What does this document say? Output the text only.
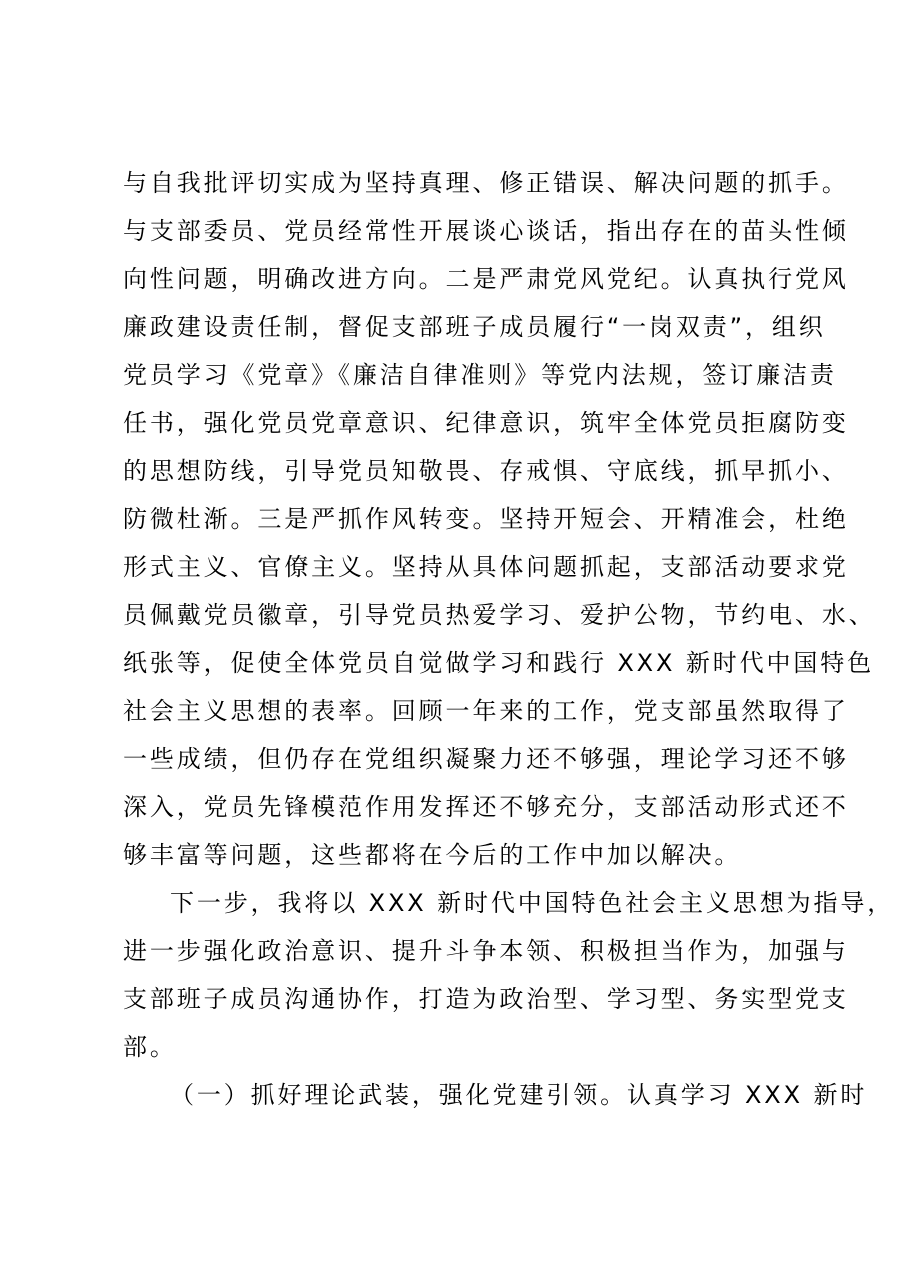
与自我批评切实成为坚持真理、修正错误、解决问题的抓手。
与支部委员、党员经常性开展谈心谈话，指出存在的苗头性倾
向性问题，明确改进方向。二是严肃党风党纪。认真执行党风
廉政建设责任制，督促支部班子成员履行“一岗双责”，组织
党员学习《党章》《廉洁自律准则》等党内法规，签订廉洁责
任书，强化党员党章意识、纪律意识，筑牢全体党员拒腐防变
的思想防线，引导党员知敬畏、存戒惧、守底线，抓早抓小、
防微杜渐。三是严抓作风转变。坚持开短会、开精准会，杜绝
形式主义、官僚主义。坚持从具体问题抓起，支部活动要求党
员佩戴党员徽章，引导党员热爱学习、爱护公物，节约电、水、
纸张等，促使全体党员自觉做学习和践行 XXX 新时代中国特色
社会主义思想的表率。回顾一年来的工作，党支部虽然取得了
一些成绩，但仍存在党组织凝聚力还不够强，理论学习还不够
深入，党员先锋模范作用发挥还不够充分，支部活动形式还不
够丰富等问题，这些都将在今后的工作中加以解决。
下一步，我将以 XXX 新时代中国特色社会主义思想为指导，
进一步强化政治意识、提升斗争本领、积极担当作为，加强与
支部班子成员沟通协作，打造为政治型、学习型、务实型党支
部。
（一）抓好理论武装，强化党建引领。认真学习 XXX 新时
